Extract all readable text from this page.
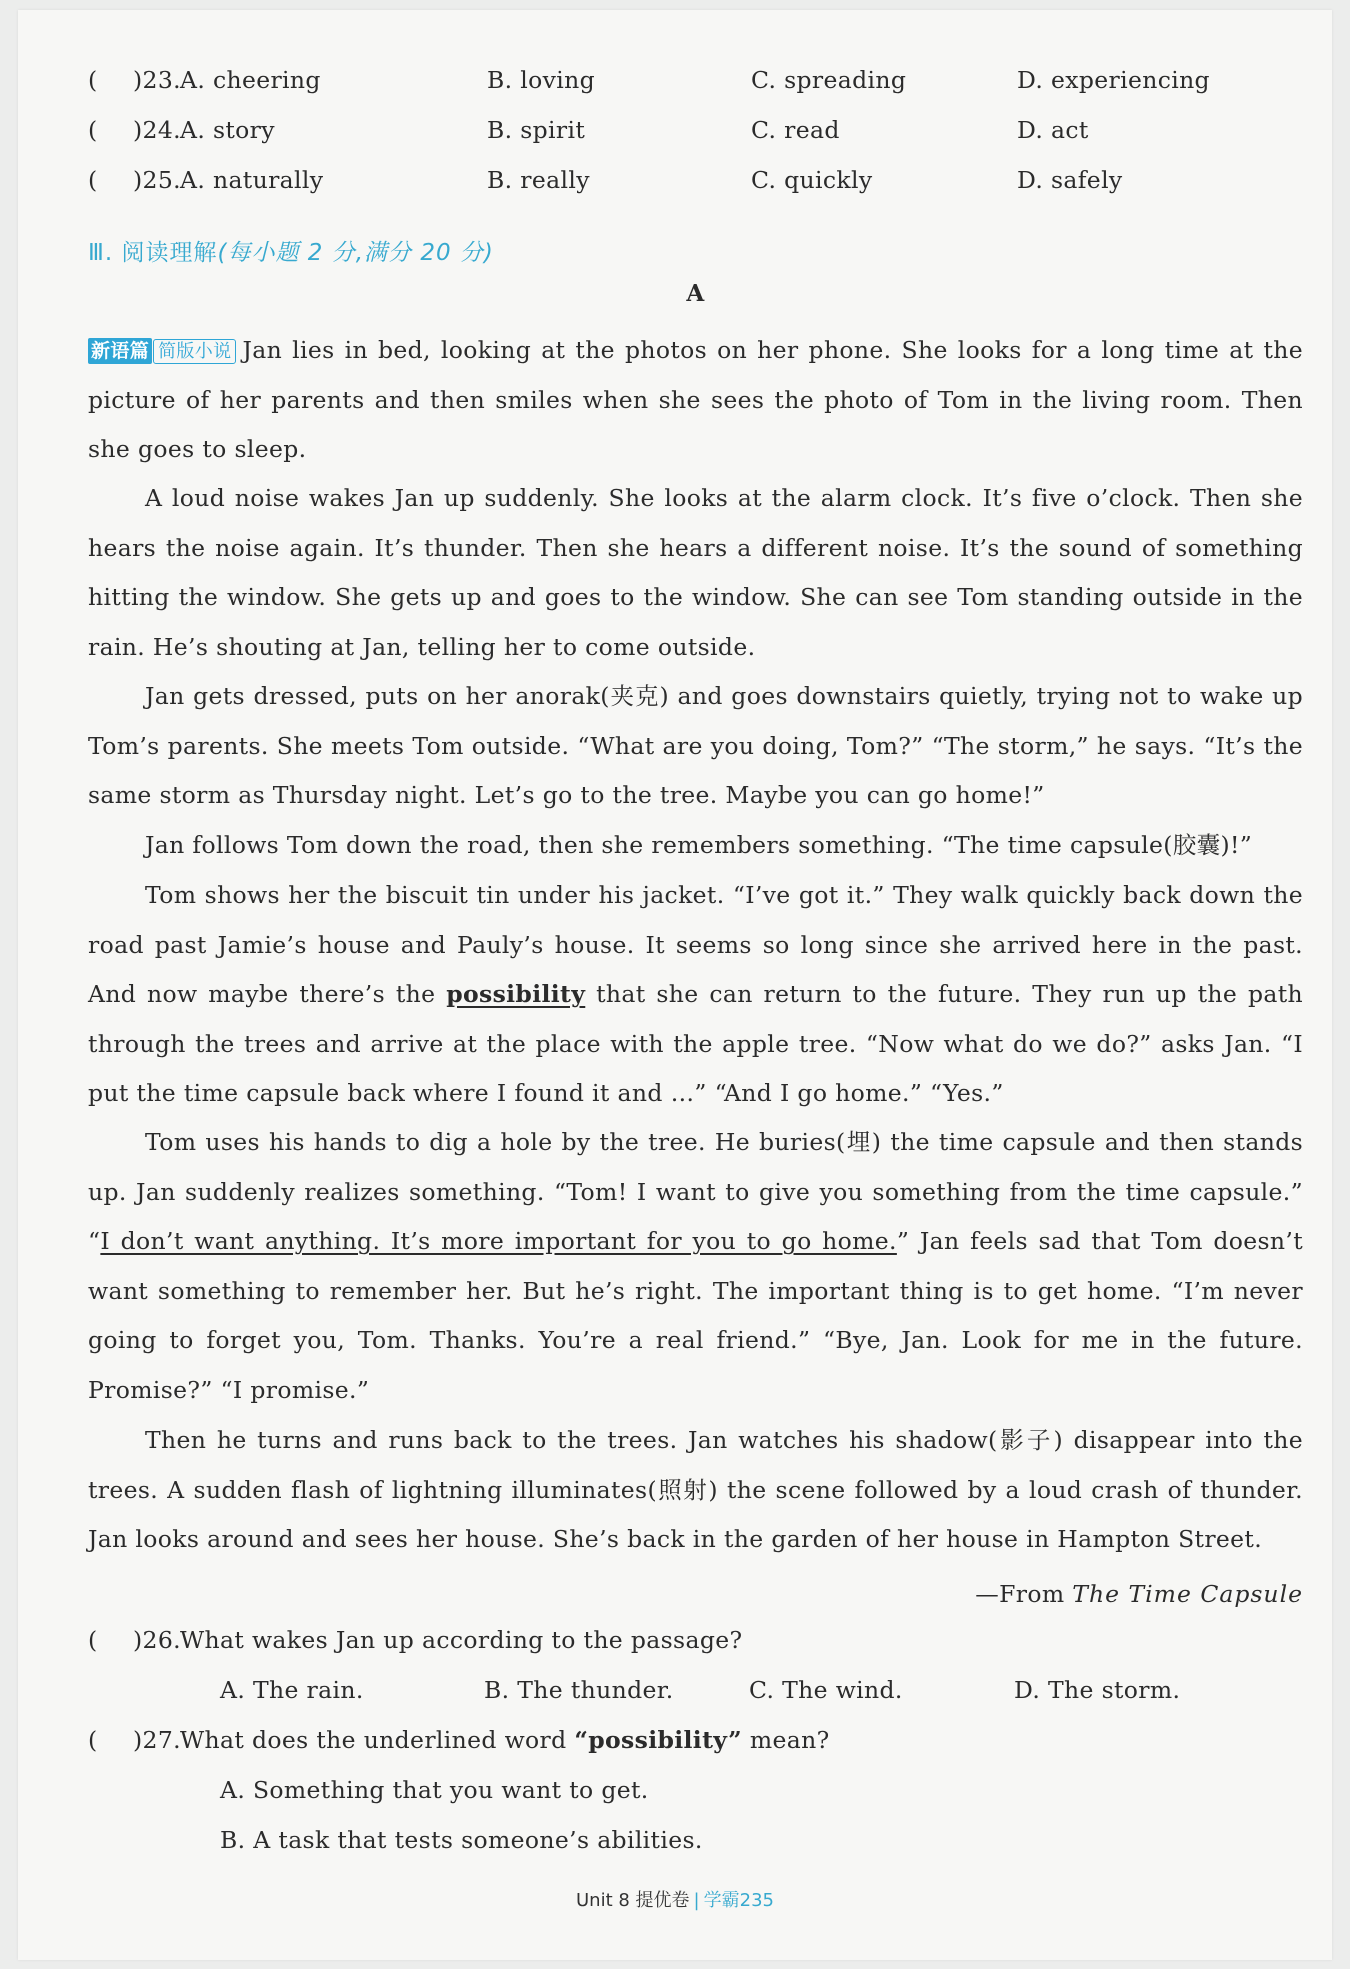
( )23. A. cheering	B. loving	C. spreading	D. experiencing
( )24. A. story	B. spirit	C. read	D. act
( )25. A. naturally	B. really	C. quickly	D. safely
Ⅲ. 阅读理解(每小题 2 分,满分 20 分)
A
新语篇 简版小说 Jan lies in bed, looking at the photos on her phone. She looks for a long time at the picture of her parents and then smiles when she sees the photo of Tom in the living room. Then she goes to sleep.
A loud noise wakes Jan up suddenly. She looks at the alarm clock. It’s five o’clock. Then she hears the noise again. It’s thunder. Then she hears a different noise. It’s the sound of something hitting the window. She gets up and goes to the window. She can see Tom standing outside in the rain. He’s shouting at Jan, telling her to come outside.
Jan gets dressed, puts on her anorak(夹克) and goes downstairs quietly, trying not to wake up Tom’s parents. She meets Tom outside. “What are you doing, Tom?” “The storm,” he says. “It’s the same storm as Thursday night. Let’s go to the tree. Maybe you can go home!”
Jan follows Tom down the road, then she remembers something. “The time capsule(胶囊)!”
Tom shows her the biscuit tin under his jacket. “I’ve got it.” They walk quickly back down the road past Jamie’s house and Pauly’s house. It seems so long since she arrived here in the past. And now maybe there’s the possibility that she can return to the future. They run up the path through the trees and arrive at the place with the apple tree. “Now what do we do?” asks Jan. “I put the time capsule back where I found it and …” “And I go home.” “Yes.”
Tom uses his hands to dig a hole by the tree. He buries(埋) the time capsule and then stands up. Jan suddenly realizes something. “Tom! I want to give you something from the time capsule.” “I don’t want anything. It’s more important for you to go home.” Jan feels sad that Tom doesn’t want something to remember her. But he’s right. The important thing is to get home. “I’m never going to forget you, Tom. Thanks. You’re a real friend.” “Bye, Jan. Look for me in the future. Promise?” “I promise.”
Then he turns and runs back to the trees. Jan watches his shadow(影子) disappear into the trees. A sudden flash of lightning illuminates(照射) the scene followed by a loud crash of thunder. Jan looks around and sees her house. She’s back in the garden of her house in Hampton Street.
—From The Time Capsule
( )26. What wakes Jan up according to the passage?
A. The rain.	B. The thunder.	C. The wind.	D. The storm.
( )27. What does the underlined word “possibility” mean?
A. Something that you want to get.
B. A task that tests someone’s abilities.
Unit 8 提优卷 | 学霸235
